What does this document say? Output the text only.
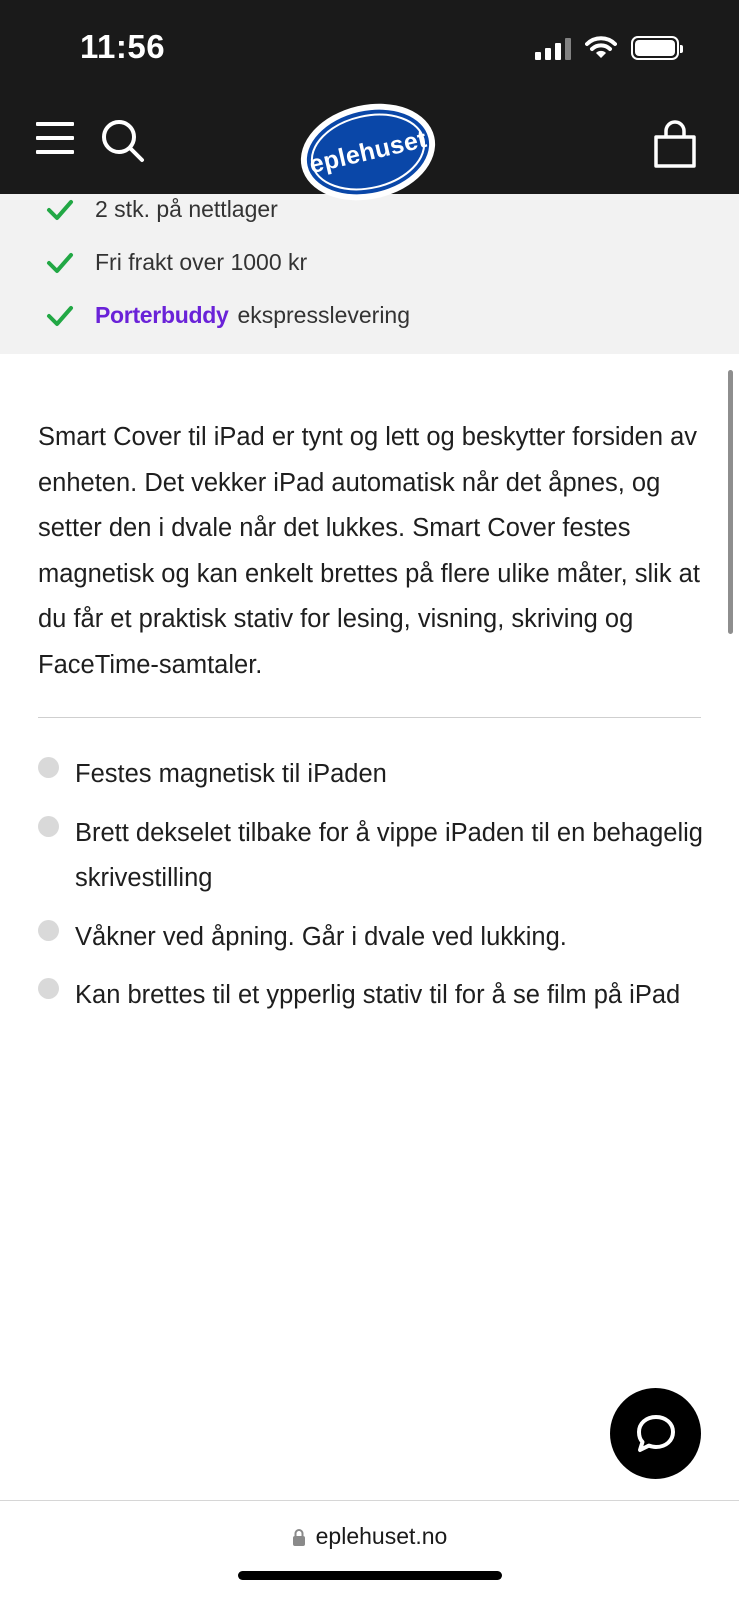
11:56
eplehuset
2 stk. på nettlager
Fri frakt over 1000 kr
Porterbuddy ekspresslevering

Smart Cover til iPad er tynt og lett og beskytter forsiden av enheten. Det vekker iPad automatisk når det åpnes, og setter den i dvale når det lukkes. Smart Cover festes magnetisk og kan enkelt brettes på flere ulike måter, slik at du får et praktisk stativ for lesing, visning, skriving og FaceTime-samtaler.

Festes magnetisk til iPaden
Brett dekselet tilbake for å vippe iPaden til en behagelig skrivestilling
Våkner ved åpning. Går i dvale ved lukking.
Kan brettes til et ypperlig stativ til for å se film på iPad
eplehuset.no
